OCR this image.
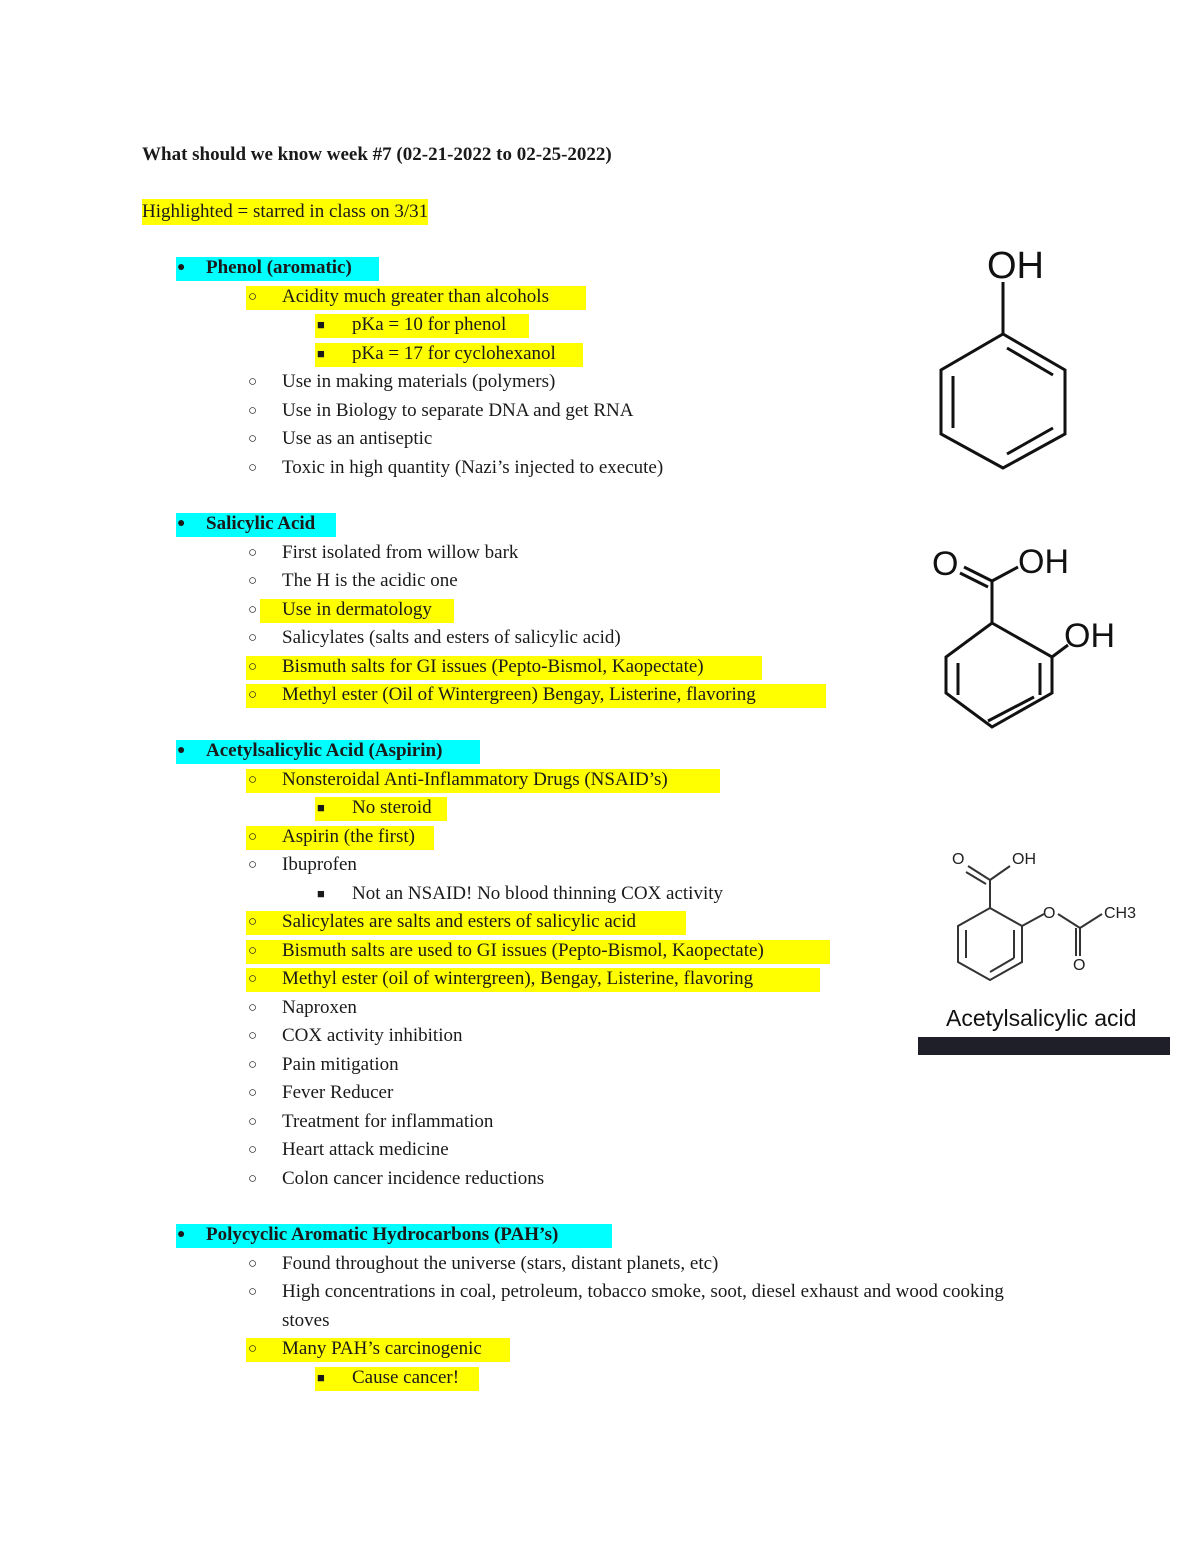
What should we know week #7 (02-21-2022 to 02-25-2022)
Highlighted = starred in class on 3/31
●	Phenol (aromatic)
○ Acidity much greater than alcohols
■ pKa = 10 for phenol
■ pKa = 17 for cyclohexanol
○ Use in making materials (polymers)
○ Use in Biology to separate DNA and get RNA
○ Use as an antiseptic
○ Toxic in high quantity (Nazi’s injected to execute)
●	Salicylic Acid
○ First isolated from willow bark
○ The H is the acidic one
○ Use in dermatology
○ Salicylates (salts and esters of salicylic acid)
○ Bismuth salts for GI issues (Pepto-Bismol, Kaopectate)
○ Methyl ester (Oil of Wintergreen) Bengay, Listerine, flavoring
●	Acetylsalicylic Acid (Aspirin)
○ Nonsteroidal Anti-Inflammatory Drugs (NSAID’s)
■ No steroid
○ Aspirin (the first)
○ Ibuprofen
■ Not an NSAID! No blood thinning COX activity
○ Salicylates are salts and esters of salicylic acid
○ Bismuth salts are used to GI issues (Pepto-Bismol, Kaopectate)
○ Methyl ester (oil of wintergreen), Bengay, Listerine, flavoring
○ Naproxen
○ COX activity inhibition
○ Pain mitigation
○ Fever Reducer
○ Treatment for inflammation
○ Heart attack medicine
○ Colon cancer incidence reductions
●	Polycyclic Aromatic Hydrocarbons (PAH’s)
○ Found throughout the universe (stars, distant planets, etc)
○ High concentrations in coal, petroleum, tobacco smoke, soot, diesel exhaust and wood cooking stoves
○ Many PAH’s carcinogenic
■ Cause cancer!
OH
O OH
OH
O	OH
O	CH3
O
Acetylsalicylic acid
